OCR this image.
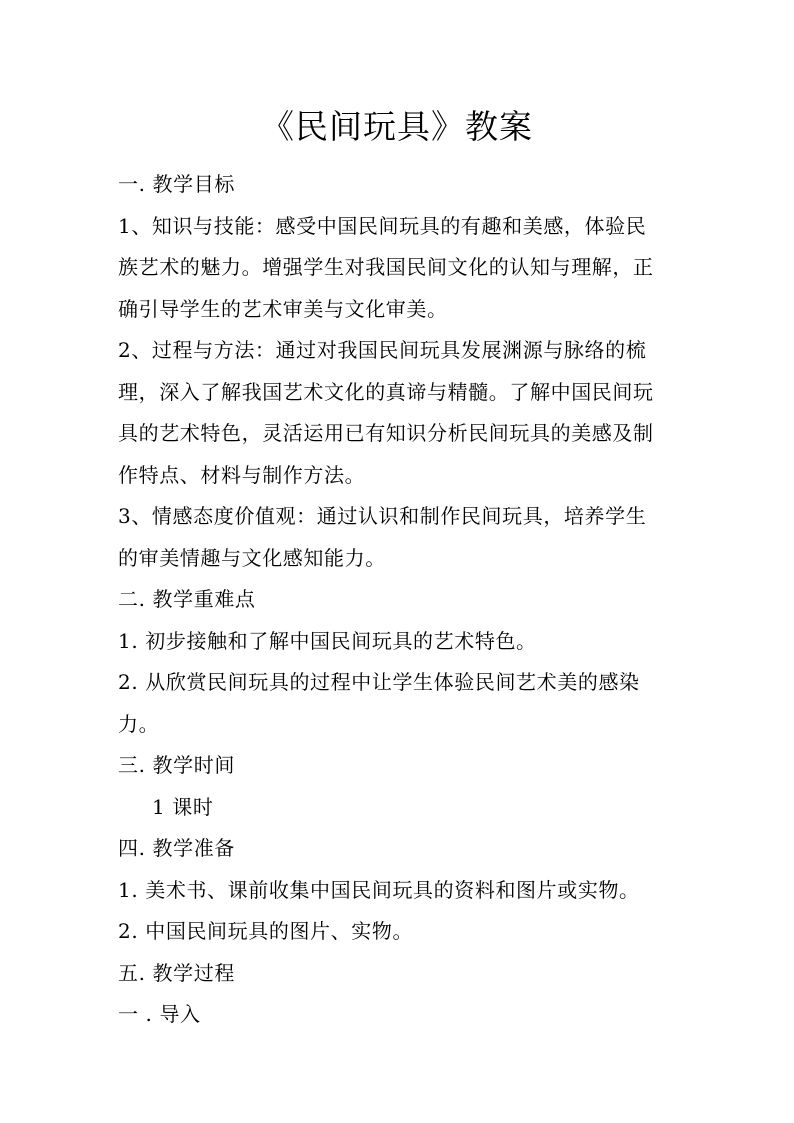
《民间玩具》教案
一. 教学目标
1、知识与技能：感受中国民间玩具的有趣和美感，体验民
族艺术的魅力。增强学生对我国民间文化的认知与理解，正
确引导学生的艺术审美与文化审美。
2、过程与方法：通过对我国民间玩具发展渊源与脉络的梳
理，深入了解我国艺术文化的真谛与精髓。了解中国民间玩
具的艺术特色，灵活运用已有知识分析民间玩具的美感及制
作特点、材料与制作方法。
3、情感态度价值观：通过认识和制作民间玩具，培养学生
的审美情趣与文化感知能力。
二. 教学重难点
1. 初步接触和了解中国民间玩具的艺术特色。
2. 从欣赏民间玩具的过程中让学生体验民间艺术美的感染
力。
三. 教学时间
1 课时
四. 教学准备
1. 美术书、课前收集中国民间玩具的资料和图片或实物。
2. 中国民间玩具的图片、实物。
五. 教学过程
一 . 导入
